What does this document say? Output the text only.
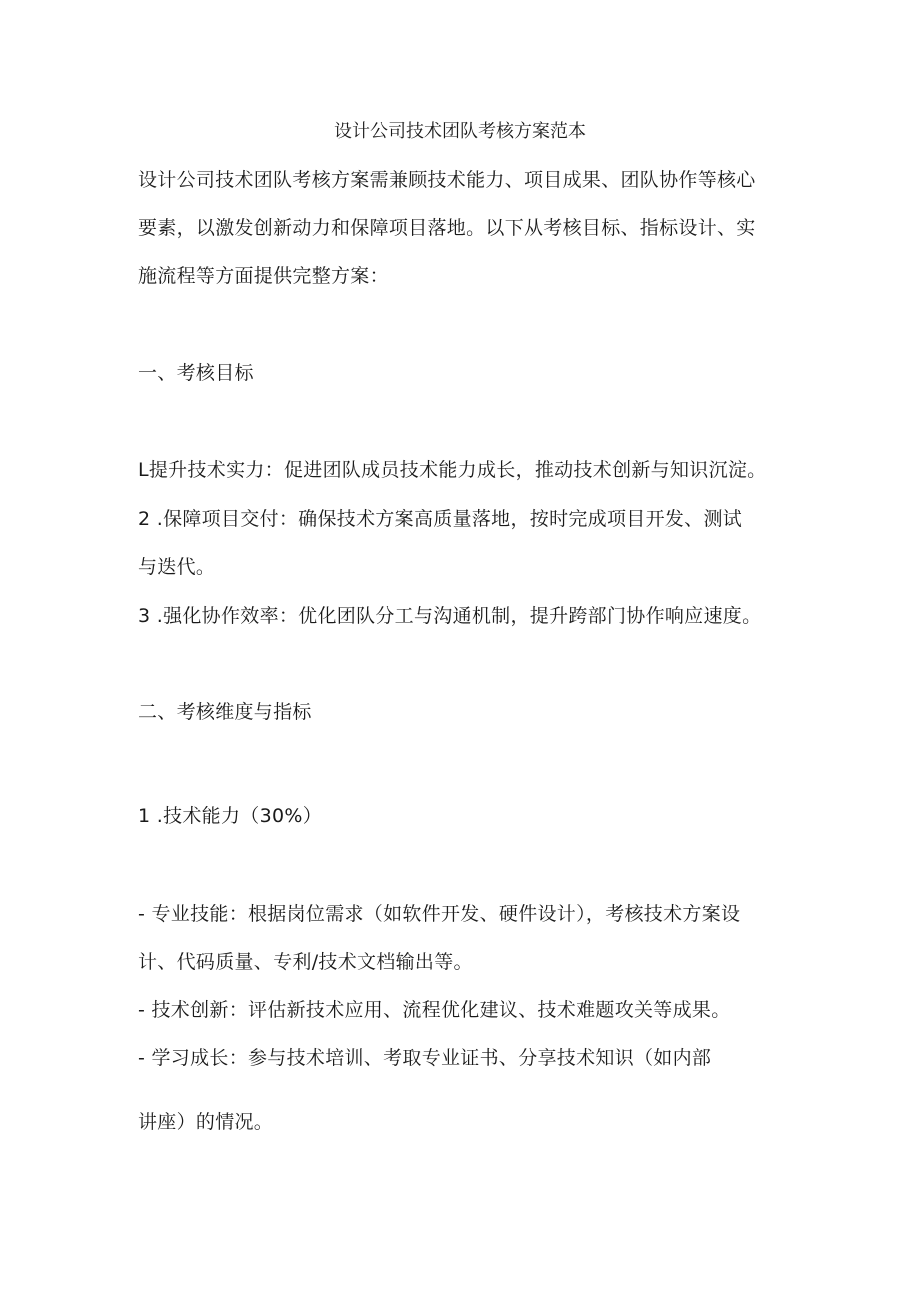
设计公司技术团队考核方案范本
设计公司技术团队考核方案需兼顾技术能力、项目成果、团队协作等核心
要素，以激发创新动力和保障项目落地。以下从考核目标、指标设计、实
施流程等方面提供完整方案：
一、考核目标
L提升技术实力：促进团队成员技术能力成长，推动技术创新与知识沉淀。
2 .保障项目交付：确保技术方案高质量落地，按时完成项目开发、测试
与迭代。
3 .强化协作效率：优化团队分工与沟通机制，提升跨部门协作响应速度。
二、考核维度与指标
1 .技术能力（30%）
- 专业技能：根据岗位需求（如软件开发、硬件设计），考核技术方案设
计、代码质量、专利/技术文档输出等。
- 技术创新：评估新技术应用、流程优化建议、技术难题攻关等成果。
- 学习成长：参与技术培训、考取专业证书、分享技术知识（如内部
讲座）的情况。
